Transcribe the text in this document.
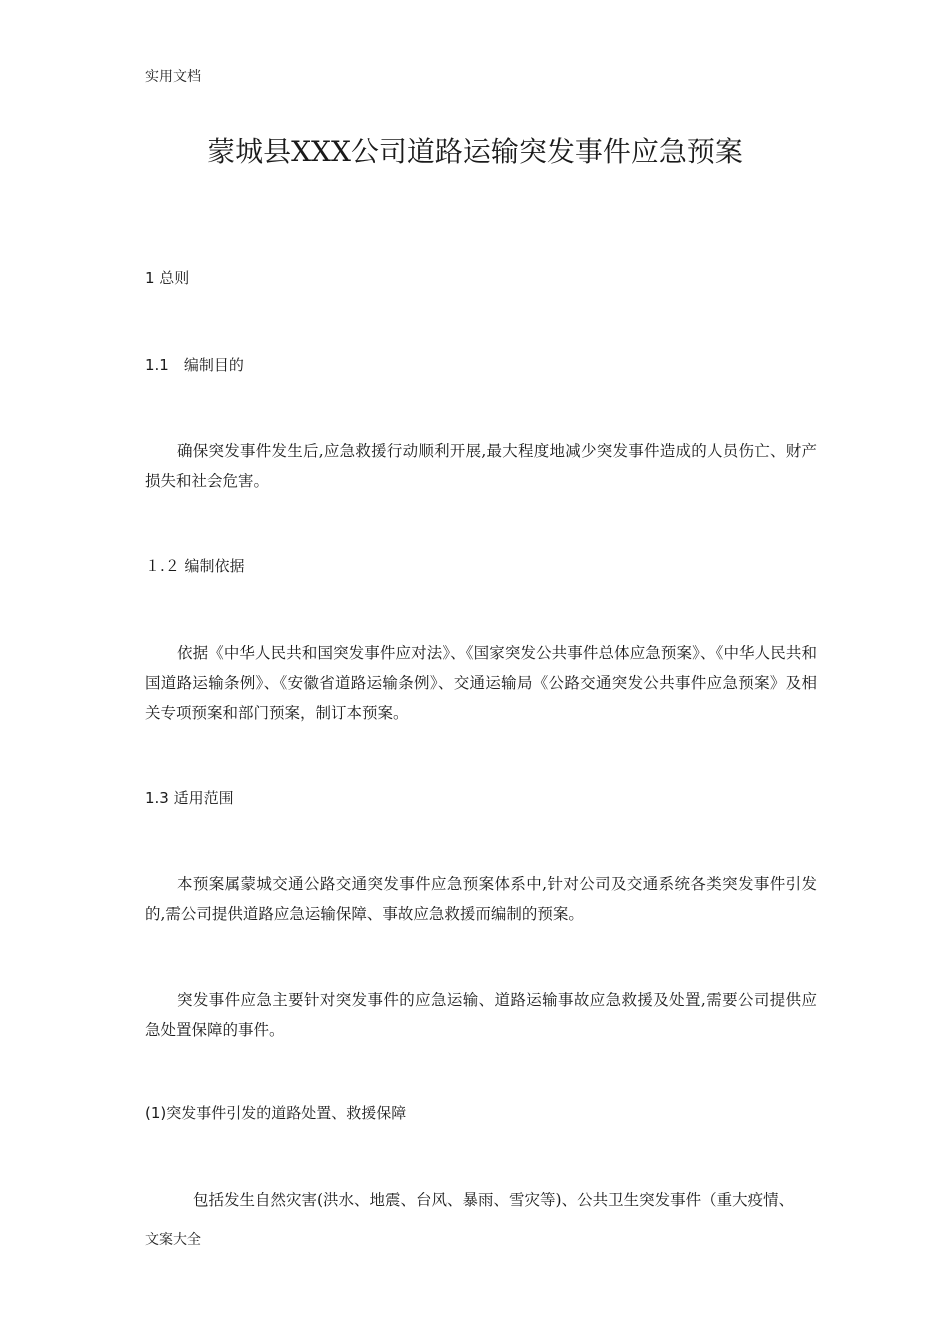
实用文档
蒙城县XXX公司道路运输突发事件应急预案
1 总则
1.1　编制目的

确保突发事件发生后,应急救援行动顺利开展,最大程度地减少突发事件造成的人员伤亡、财产损失和社会危害。

１.２ 编制依据

依据《中华人民共和国突发事件应对法》、《国家突发公共事件总体应急预案》、《中华人民共和国道路运输条例》、《安徽省道路运输条例》、交通运输局《公路交通突发公共事件应急预案》及相关专项预案和部门预案，制订本预案。

1.3 适用范围

本预案属蒙城交通公路交通突发事件应急预案体系中,针对公司及交通系统各类突发事件引发的,需公司提供道路应急运输保障、事故应急救援而编制的预案。

突发事件应急主要针对突发事件的应急运输、道路运输事故应急救援及处置,需要公司提供应急处置保障的事件。

(1)突发事件引发的道路处置、救援保障

包括发生自然灾害(洪水、地震、台风、暴雨、雪灾等)、公共卫生突发事件（重大疫情、

文案大全
